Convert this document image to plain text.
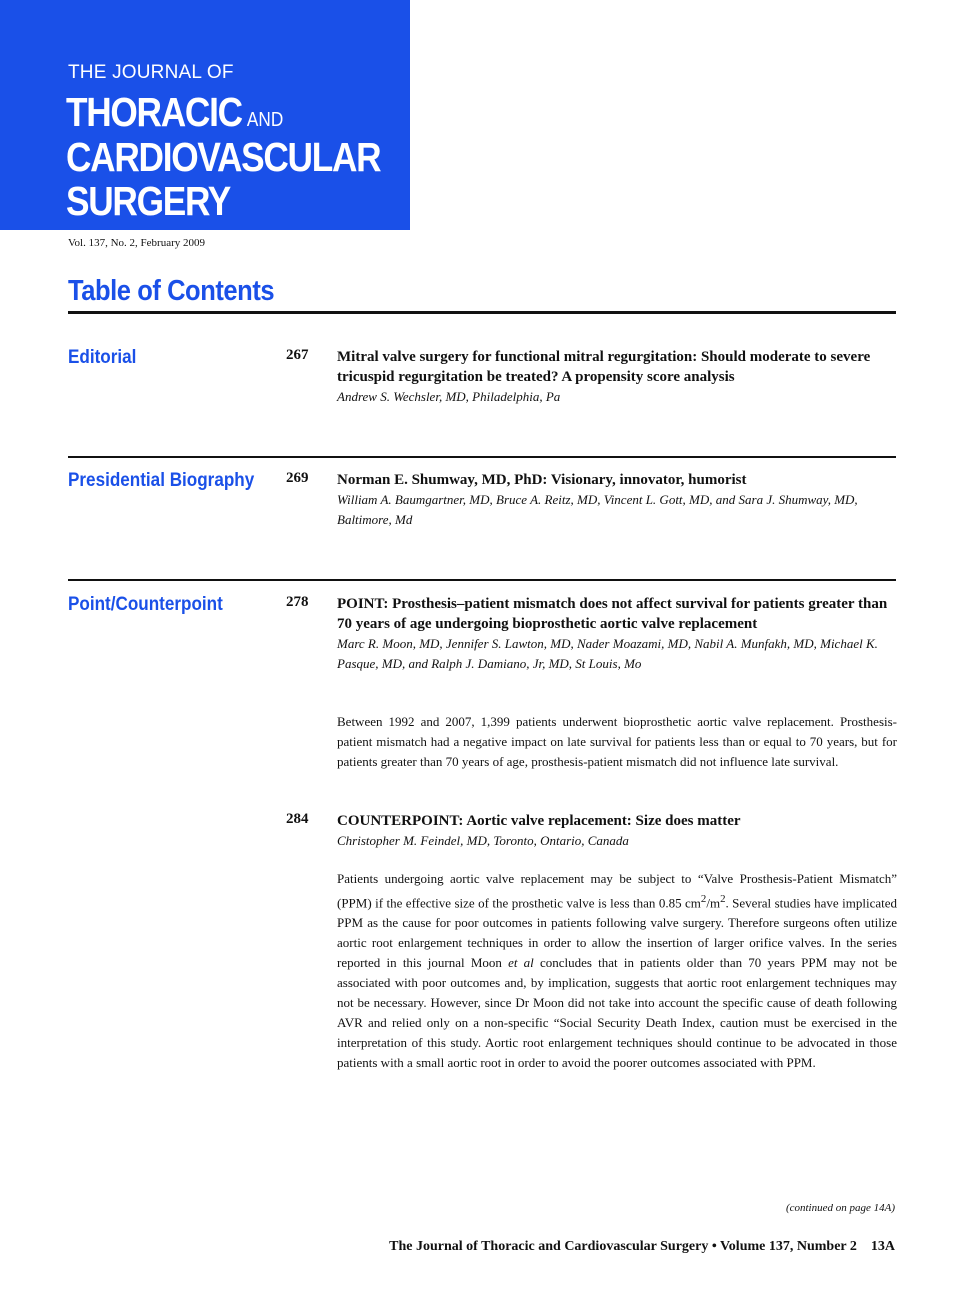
THE JOURNAL OF
THORACIC AND
CARDIOVASCULAR
SURGERY
Vol. 137, No. 2, February 2009
Table of Contents
Editorial	267 Mitral valve surgery for functional mitral regurgitation: Should moderate to severe tricuspid regurgitation be treated? A propensity score analysis
Andrew S. Wechsler, MD, Philadelphia, Pa
Presidential Biography 269 Norman E. Shumway, MD, PhD: Visionary, innovator, humorist
William A. Baumgartner, MD, Bruce A. Reitz, MD, Vincent L. Gott, MD, and Sara J. Shumway, MD, Baltimore, Md
Point/Counterpoint	278 POINT: Prosthesis–patient mismatch does not affect survival for patients greater than 70 years of age undergoing bioprosthetic aortic valve replacement
Marc R. Moon, MD, Jennifer S. Lawton, MD, Nader Moazami, MD, Nabil A. Munfakh, MD, Michael K. Pasque, MD, and Ralph J. Damiano, Jr, MD, St Louis, Mo
Between 1992 and 2007, 1,399 patients underwent bioprosthetic aortic valve replacement. Prosthesis-patient mismatch had a negative impact on late survival for patients less than or equal to 70 years, but for patients greater than 70 years of age, prosthesis-patient mismatch did not influence late survival.
284 COUNTERPOINT: Aortic valve replacement: Size does matter
Christopher M. Feindel, MD, Toronto, Ontario, Canada
Patients undergoing aortic valve replacement may be subject to “Valve Prosthesis-Patient Mismatch” (PPM) if the effective size of the prosthetic valve is less than 0.85 $cm^2/m^2$. Several studies have implicated PPM as the cause for poor outcomes in patients following valve surgery. Therefore surgeons often utilize aortic root enlargement techniques in order to allow the insertion of larger orifice valves. In the series reported in this journal Moon et al concludes that in patients older than 70 years PPM may not be associated with poor outcomes and, by implication, suggests that aortic root enlargement techniques may not be necessary. However, since Dr Moon did not take into account the specific cause of death following AVR and relied only on a non-specific “Social Security Death Index, caution must be exercised in the interpretation of this study. Aortic root enlargement techniques should continue to be advocated in those patients with a small aortic root in order to avoid the poorer outcomes associated with PPM.
(continued on page 14A)
The Journal of Thoracic and Cardiovascular Surgery • Volume 137, Number 2    13A
